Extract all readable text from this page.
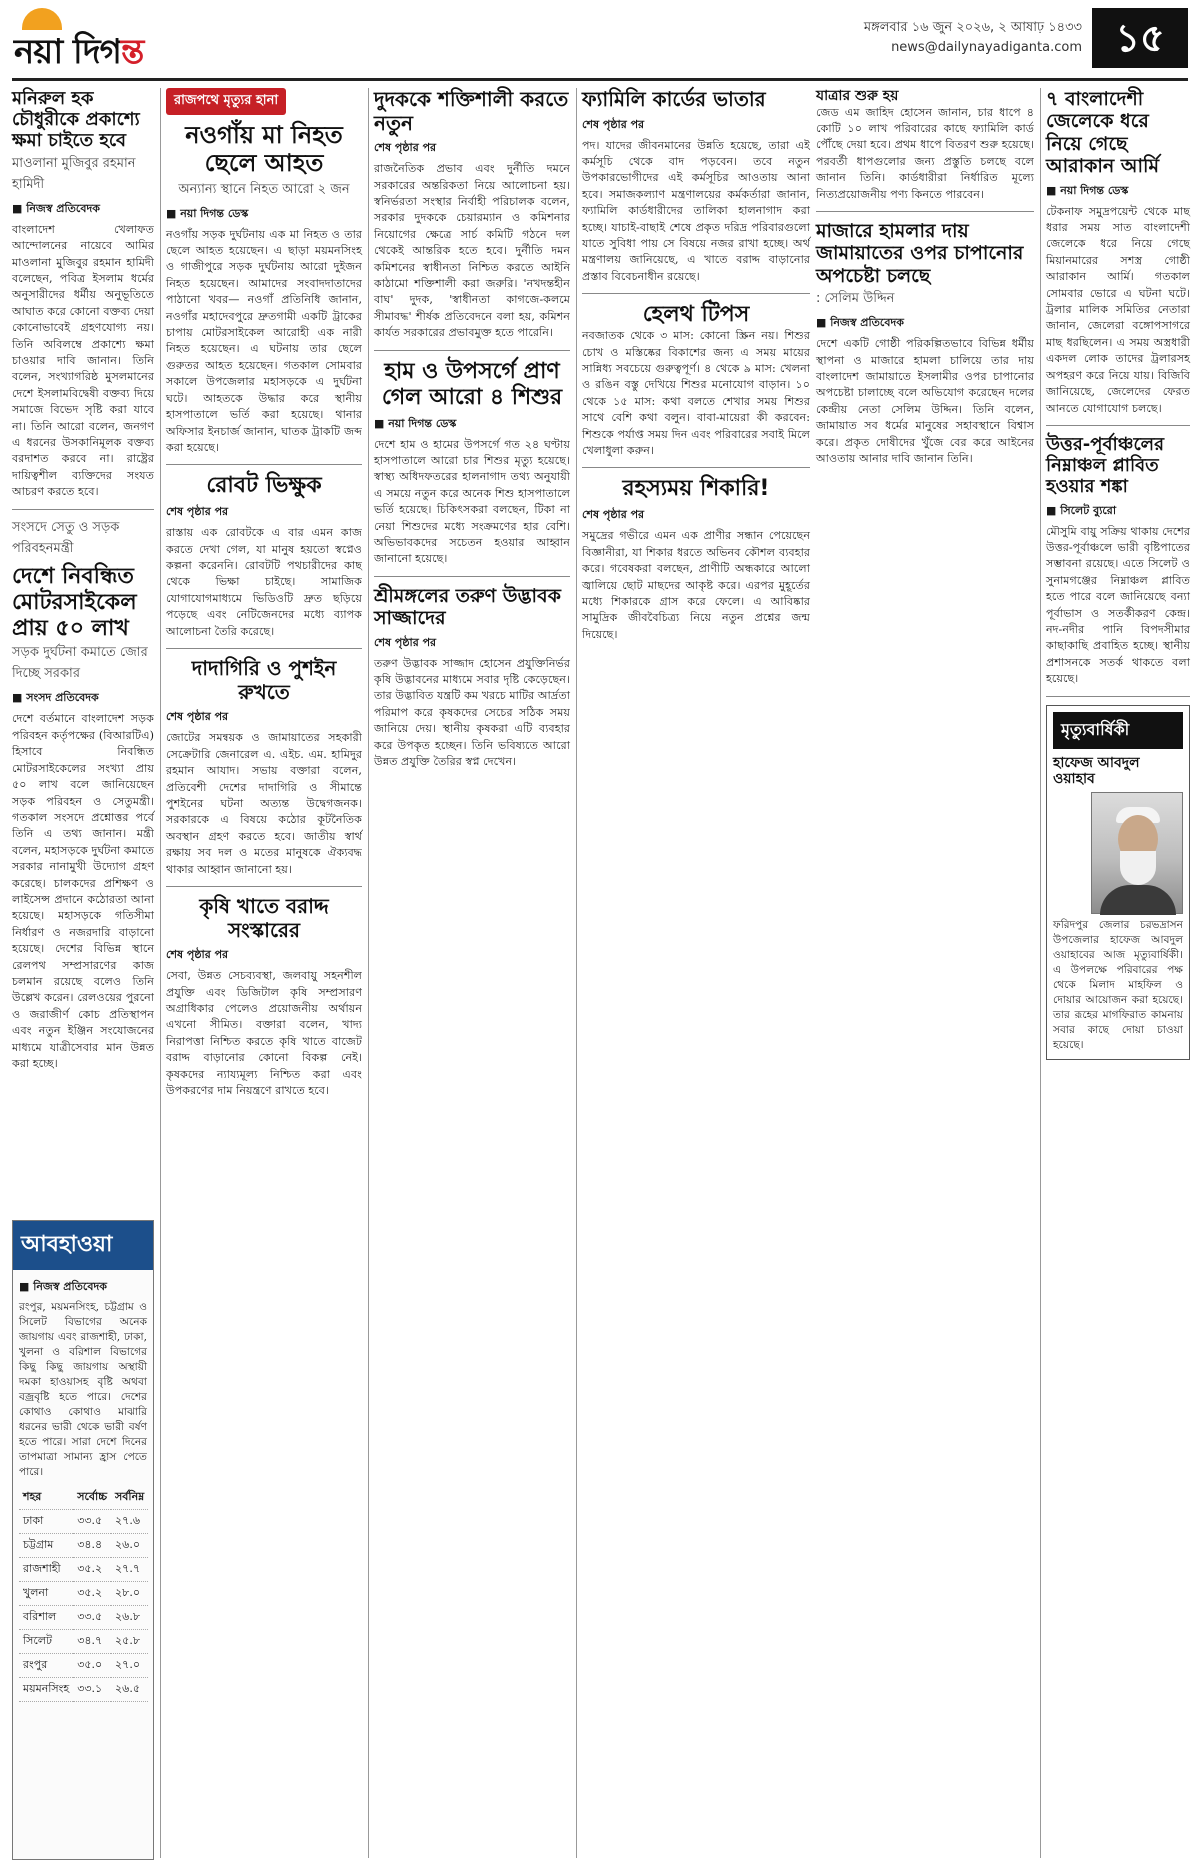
নয়া দিগন্ত
মঙ্গলবার ১৬ জুন ২০২৬, ২ আষাঢ় ১৪৩৩
news@dailynayadiganta.com ১৫
মনিরুল হক চৌধুরীকে প্রকাশ্যে ক্ষমা চাইতে হবে
মাওলানা মুজিবুর রহমান হামিদী
■ নিজস্ব প্রতিবেদক
বাংলাদেশ খেলাফত আন্দোলনের নায়েবে আমির মাওলানা মুজিবুর রহমান হামিদী বলেছেন, পবিত্র ইসলাম ধর্মের অনুসারীদের ধর্মীয় অনুভূতিতে আঘাত করে কোনো বক্তব্য দেয়া কোনোভাবেই গ্রহণযোগ্য নয়। তিনি অবিলম্বে প্রকাশ্যে ক্ষমা চাওয়ার দাবি জানান। তিনি বলেন, সংখ্যাগরিষ্ঠ মুসলমানের দেশে ইসলামবিদ্বেষী বক্তব্য দিয়ে সমাজে বিভেদ সৃষ্টি করা যাবে না। তিনি আরো বলেন, জনগণ এ ধরনের উসকানিমূলক বক্তব্য বরদাশত করবে না। রাষ্ট্রের দায়িত্বশীল ব্যক্তিদের সংযত আচরণ করতে হবে।
সংসদে সেতু ও সড়ক পরিবহনমন্ত্রী
দেশে নিবন্ধিত মোটরসাইকেল প্রায় ৫০ লাখ
সড়ক দুর্ঘটনা কমাতে জোর দিচ্ছে সরকার
■ সংসদ প্রতিবেদক
দেশে বর্তমানে বাংলাদেশ সড়ক পরিবহন কর্তৃপক্ষের (বিআরটিএ) হিসাবে নিবন্ধিত মোটরসাইকেলের সংখ্যা প্রায় ৫০ লাখ বলে জানিয়েছেন সড়ক পরিবহন ও সেতুমন্ত্রী। গতকাল সংসদে প্রশ্নোত্তর পর্বে তিনি এ তথ্য জানান। মন্ত্রী বলেন, মহাসড়কে দুর্ঘটনা কমাতে সরকার নানামুখী উদ্যোগ গ্রহণ করেছে। চালকদের প্রশিক্ষণ ও লাইসেন্স প্রদানে কঠোরতা আনা হয়েছে। মহাসড়কে গতিসীমা নির্ধারণ ও নজরদারি বাড়ানো হয়েছে। দেশের বিভিন্ন স্থানে রেলপথ সম্প্রসারণের কাজ চলমান রয়েছে বলেও তিনি উল্লেখ করেন। রেলওয়ের পুরনো ও জরাজীর্ণ কোচ প্রতিস্থাপন এবং নতুন ইঞ্জিন সংযোজনের মাধ্যমে যাত্রীসেবার মান উন্নত করা হচ্ছে।
আবহাওয়া
■ নিজস্ব প্রতিবেদক
রংপুর, ময়মনসিংহ, চট্টগ্রাম ও সিলেট বিভাগের অনেক জায়গায় এবং রাজশাহী, ঢাকা, খুলনা ও বরিশাল বিভাগের কিছু কিছু জায়গায় অস্থায়ী দমকা হাওয়াসহ বৃষ্টি অথবা বজ্রবৃষ্টি হতে পারে। দেশের কোথাও কোথাও মাঝারি ধরনের ভারী থেকে ভারী বর্ষণ হতে পারে। সারা দেশে দিনের তাপমাত্রা সামান্য হ্রাস পেতে পারে।
শহর	সর্বোচ্চ	সর্বনিম্ন
ঢাকা	৩৩.৫	২৭.৬
চট্টগ্রাম	৩৪.৪	২৬.০
রাজশাহী	৩৫.২	২৭.৭
খুলনা	৩৫.২	২৮.০
বরিশাল	৩৩.৫	২৬.৮
সিলেট	৩৪.৭	২৫.৮
রংপুর	৩৫.০	২৭.০
ময়মনসিংহ	৩৩.১	২৬.৫
রাজপথে মৃত্যুর হানা
নওগাঁয় মা নিহত ছেলে আহত
অন্যান্য স্থানে নিহত আরো ২ জন
■ নয়া দিগন্ত ডেস্ক
নওগাঁয় সড়ক দুর্ঘটনায় এক মা নিহত ও তার ছেলে আহত হয়েছেন। এ ছাড়া ময়মনসিংহ ও গাজীপুরে সড়ক দুর্ঘটনায় আরো দুইজন নিহত হয়েছেন। আমাদের সংবাদদাতাদের পাঠানো খবর— নওগাঁ প্রতিনিধি জানান, নওগাঁর মহাদেবপুরে দ্রুতগামী একটি ট্রাকের চাপায় মোটরসাইকেল আরোহী এক নারী নিহত হয়েছেন। এ ঘটনায় তার ছেলে গুরুতর আহত হয়েছেন। গতকাল সোমবার সকালে উপজেলার মহাসড়কে এ দুর্ঘটনা ঘটে। আহতকে উদ্ধার করে স্থানীয় হাসপাতালে ভর্তি করা হয়েছে। থানার অফিসার ইনচার্জ জানান, ঘাতক ট্রাকটি জব্দ করা হয়েছে।
রোবট ভিক্ষুক
শেষ পৃষ্ঠার পর
রাস্তায় এক রোবটকে এ বার এমন কাজ করতে দেখা গেল, যা মানুষ হয়তো স্বপ্নেও কল্পনা করেননি। রোবটটি পথচারীদের কাছ থেকে ভিক্ষা চাইছে। সামাজিক যোগাযোগমাধ্যমে ভিডিওটি দ্রুত ছড়িয়ে পড়েছে এবং নেটিজেনদের মধ্যে ব্যাপক আলোচনা তৈরি করেছে।
দাদাগিরি ও পুশইন রুখতে
শেষ পৃষ্ঠার পর
জোটের সমন্বয়ক ও জামায়াতের সহকারী সেক্রেটারি জেনারেল এ. এইচ. এম. হামিদুর রহমান আযাদ। সভায় বক্তারা বলেন, প্রতিবেশী দেশের দাদাগিরি ও সীমান্তে পুশইনের ঘটনা অত্যন্ত উদ্বেগজনক। সরকারকে এ বিষয়ে কঠোর কূটনৈতিক অবস্থান গ্রহণ করতে হবে। জাতীয় স্বার্থ রক্ষায় সব দল ও মতের মানুষকে ঐক্যবদ্ধ থাকার আহ্বান জানানো হয়।
কৃষি খাতে বরাদ্দ সংস্কারের
শেষ পৃষ্ঠার পর
সেবা, উন্নত সেচব্যবস্থা, জলবায়ু সহনশীল প্রযুক্তি এবং ডিজিটাল কৃষি সম্প্রসারণ অগ্রাধিকার পেলেও প্রয়োজনীয় অর্থায়ন এখনো সীমিত। বক্তারা বলেন, খাদ্য নিরাপত্তা নিশ্চিত করতে কৃষি খাতে বাজেট বরাদ্দ বাড়ানোর কোনো বিকল্প নেই। কৃষকদের ন্যায্যমূল্য নিশ্চিত করা এবং উপকরণের দাম নিয়ন্ত্রণে রাখতে হবে।
দুদককে শক্তিশালী করতে নতুন
শেষ পৃষ্ঠার পর
রাজনৈতিক প্রভাব এবং দুর্নীতি দমনে সরকারের অন্তরিকতা নিয়ে আলোচনা হয়। স্বনির্ভরতা সংস্থার নির্বাহী পরিচালক বলেন, সরকার দুদককে চেয়ারম্যান ও কমিশনার নিয়োগের ক্ষেত্রে সার্চ কমিটি গঠনে দল থেকেই আন্তরিক হতে হবে। দুর্নীতি দমন কমিশনের স্বাধীনতা নিশ্চিত করতে আইনি কাঠামো শক্তিশালী করা জরুরি। 'নখদন্তহীন বাঘ' দুদক, 'স্বাধীনতা কাগজে-কলমে সীমাবদ্ধ' শীর্ষক প্রতিবেদনে বলা হয়, কমিশন কার্যত সরকারের প্রভাবমুক্ত হতে পারেনি।
হাম ও উপসর্গে প্রাণ গেল আরো ৪ শিশুর
■ নয়া দিগন্ত ডেস্ক
দেশে হাম ও হামের উপসর্গে গত ২৪ ঘণ্টায় হাসপাতালে আরো চার শিশুর মৃত্যু হয়েছে। স্বাস্থ্য অধিদফতরের হালনাগাদ তথ্য অনুযায়ী এ সময়ে নতুন করে অনেক শিশু হাসপাতালে ভর্তি হয়েছে। চিকিৎসকরা বলছেন, টিকা না নেয়া শিশুদের মধ্যে সংক্রমণের হার বেশি। অভিভাবকদের সচেতন হওয়ার আহ্বান জানানো হয়েছে।
শ্রীমঙ্গলের তরুণ উদ্ভাবক সাজ্জাদের
শেষ পৃষ্ঠার পর
তরুণ উদ্ভাবক সাজ্জাদ হোসেন প্রযুক্তিনির্ভর কৃষি উদ্ভাবনের মাধ্যমে সবার দৃষ্টি কেড়েছেন। তার উদ্ভাবিত যন্ত্রটি কম খরচে মাটির আর্দ্রতা পরিমাপ করে কৃষকদের সেচের সঠিক সময় জানিয়ে দেয়। স্থানীয় কৃষকরা এটি ব্যবহার করে উপকৃত হচ্ছেন। তিনি ভবিষ্যতে আরো উন্নত প্রযুক্তি তৈরির স্বপ্ন দেখেন।
ফ্যামিলি কার্ডের ভাতার
শেষ পৃষ্ঠার পর
পদ। যাদের জীবনমানের উন্নতি হয়েছে, তারা এই কর্মসূচি থেকে বাদ পড়বেন। তবে নতুন উপকারভোগীদের এই কর্মসূচির আওতায় আনা হবে। সমাজকল্যাণ মন্ত্রণালয়ের কর্মকর্তারা জানান, ফ্যামিলি কার্ডধারীদের তালিকা হালনাগাদ করা হচ্ছে। যাচাই-বাছাই শেষে প্রকৃত দরিদ্র পরিবারগুলো যাতে সুবিধা পায় সে বিষয়ে নজর রাখা হচ্ছে। অর্থ মন্ত্রণালয় জানিয়েছে, এ খাতে বরাদ্দ বাড়ানোর প্রস্তাব বিবেচনাধীন রয়েছে।
হেলথ টিপস
নবজাতক থেকে ৩ মাস: কোনো স্ক্রিন নয়। শিশুর চোখ ও মস্তিষ্কের বিকাশের জন্য এ সময় মায়ের সান্নিধ্য সবচেয়ে গুরুত্বপূর্ণ। ৪ থেকে ৯ মাস: খেলনা ও রঙিন বস্তু দেখিয়ে শিশুর মনোযোগ বাড়ান। ১০ থেকে ১৫ মাস: কথা বলতে শেখার সময় শিশুর সাথে বেশি কথা বলুন। বাবা-মায়েরা কী করবেন: শিশুকে পর্যাপ্ত সময় দিন এবং পরিবারের সবাই মিলে খেলাধুলা করুন।
রহস্যময় শিকারি!
শেষ পৃষ্ঠার পর
সমুদ্রের গভীরে এমন এক প্রাণীর সন্ধান পেয়েছেন বিজ্ঞানীরা, যা শিকার ধরতে অভিনব কৌশল ব্যবহার করে। গবেষকরা বলছেন, প্রাণীটি অন্ধকারে আলো জ্বালিয়ে ছোট মাছদের আকৃষ্ট করে। এরপর মুহূর্তের মধ্যে শিকারকে গ্রাস করে ফেলে। এ আবিষ্কার সামুদ্রিক জীববৈচিত্র্য নিয়ে নতুন প্রশ্নের জন্ম দিয়েছে।
যাত্রার শুরু হয়
জেড এম জাহিদ হোসেন জানান, চার ধাপে ৪ কোটি ১০ লাখ পরিবারের কাছে ফ্যামিলি কার্ড পৌঁছে দেয়া হবে। প্রথম ধাপে বিতরণ শুরু হয়েছে। পরবর্তী ধাপগুলোর জন্য প্রস্তুতি চলছে বলে জানান তিনি। কার্ডধারীরা নির্ধারিত মূল্যে নিত্যপ্রয়োজনীয় পণ্য কিনতে পারবেন।
মাজারে হামলার দায় জামায়াতের ওপর চাপানোর অপচেষ্টা চলছে
: সেলিম উদ্দিন
■ নিজস্ব প্রতিবেদক
দেশে একটি গোষ্ঠী পরিকল্পিতভাবে বিভিন্ন ধর্মীয় স্থাপনা ও মাজারে হামলা চালিয়ে তার দায় বাংলাদেশ জামায়াতে ইসলামীর ওপর চাপানোর অপচেষ্টা চালাচ্ছে বলে অভিযোগ করেছেন দলের কেন্দ্রীয় নেতা সেলিম উদ্দিন। তিনি বলেন, জামায়াত সব ধর্মের মানুষের সহাবস্থানে বিশ্বাস করে। প্রকৃত দোষীদের খুঁজে বের করে আইনের আওতায় আনার দাবি জানান তিনি।
৭ বাংলাদেশী জেলেকে ধরে নিয়ে গেছে আরাকান আর্মি
■ নয়া দিগন্ত ডেস্ক
টেকনাফ সমুদ্রপয়েন্ট থেকে মাছ ধরার সময় সাত বাংলাদেশী জেলেকে ধরে নিয়ে গেছে মিয়ানমারের সশস্ত্র গোষ্ঠী আরাকান আর্মি। গতকাল সোমবার ভোরে এ ঘটনা ঘটে। ট্রলার মালিক সমিতির নেতারা জানান, জেলেরা বঙ্গোপসাগরে মাছ ধরছিলেন। এ সময় অস্ত্রধারী একদল লোক তাদের ট্রলারসহ অপহরণ করে নিয়ে যায়। বিজিবি জানিয়েছে, জেলেদের ফেরত আনতে যোগাযোগ চলছে।
উত্তর-পূর্বাঞ্চলের নিম্নাঞ্চল প্লাবিত হওয়ার শঙ্কা
■ সিলেট ব্যুরো
মৌসুমি বায়ু সক্রিয় থাকায় দেশের উত্তর-পূর্বাঞ্চলে ভারী বৃষ্টিপাতের সম্ভাবনা রয়েছে। এতে সিলেট ও সুনামগঞ্জের নিম্নাঞ্চল প্লাবিত হতে পারে বলে জানিয়েছে বন্যা পূর্বাভাস ও সতর্কীকরণ কেন্দ্র। নদ-নদীর পানি বিপদসীমার কাছাকাছি প্রবাহিত হচ্ছে। স্থানীয় প্রশাসনকে সতর্ক থাকতে বলা হয়েছে।
মৃত্যুবার্ষিকী
হাফেজ আবদুল ওয়াহাব
ফরিদপুর জেলার চরভদ্রাসন উপজেলার হাফেজ আবদুল ওয়াহাবের আজ মৃত্যুবার্ষিকী। এ উপলক্ষে পরিবারের পক্ষ থেকে মিলাদ মাহফিল ও দোয়ার আয়োজন করা হয়েছে। তার রূহের মাগফিরাত কামনায় সবার কাছে দোয়া চাওয়া হয়েছে।
